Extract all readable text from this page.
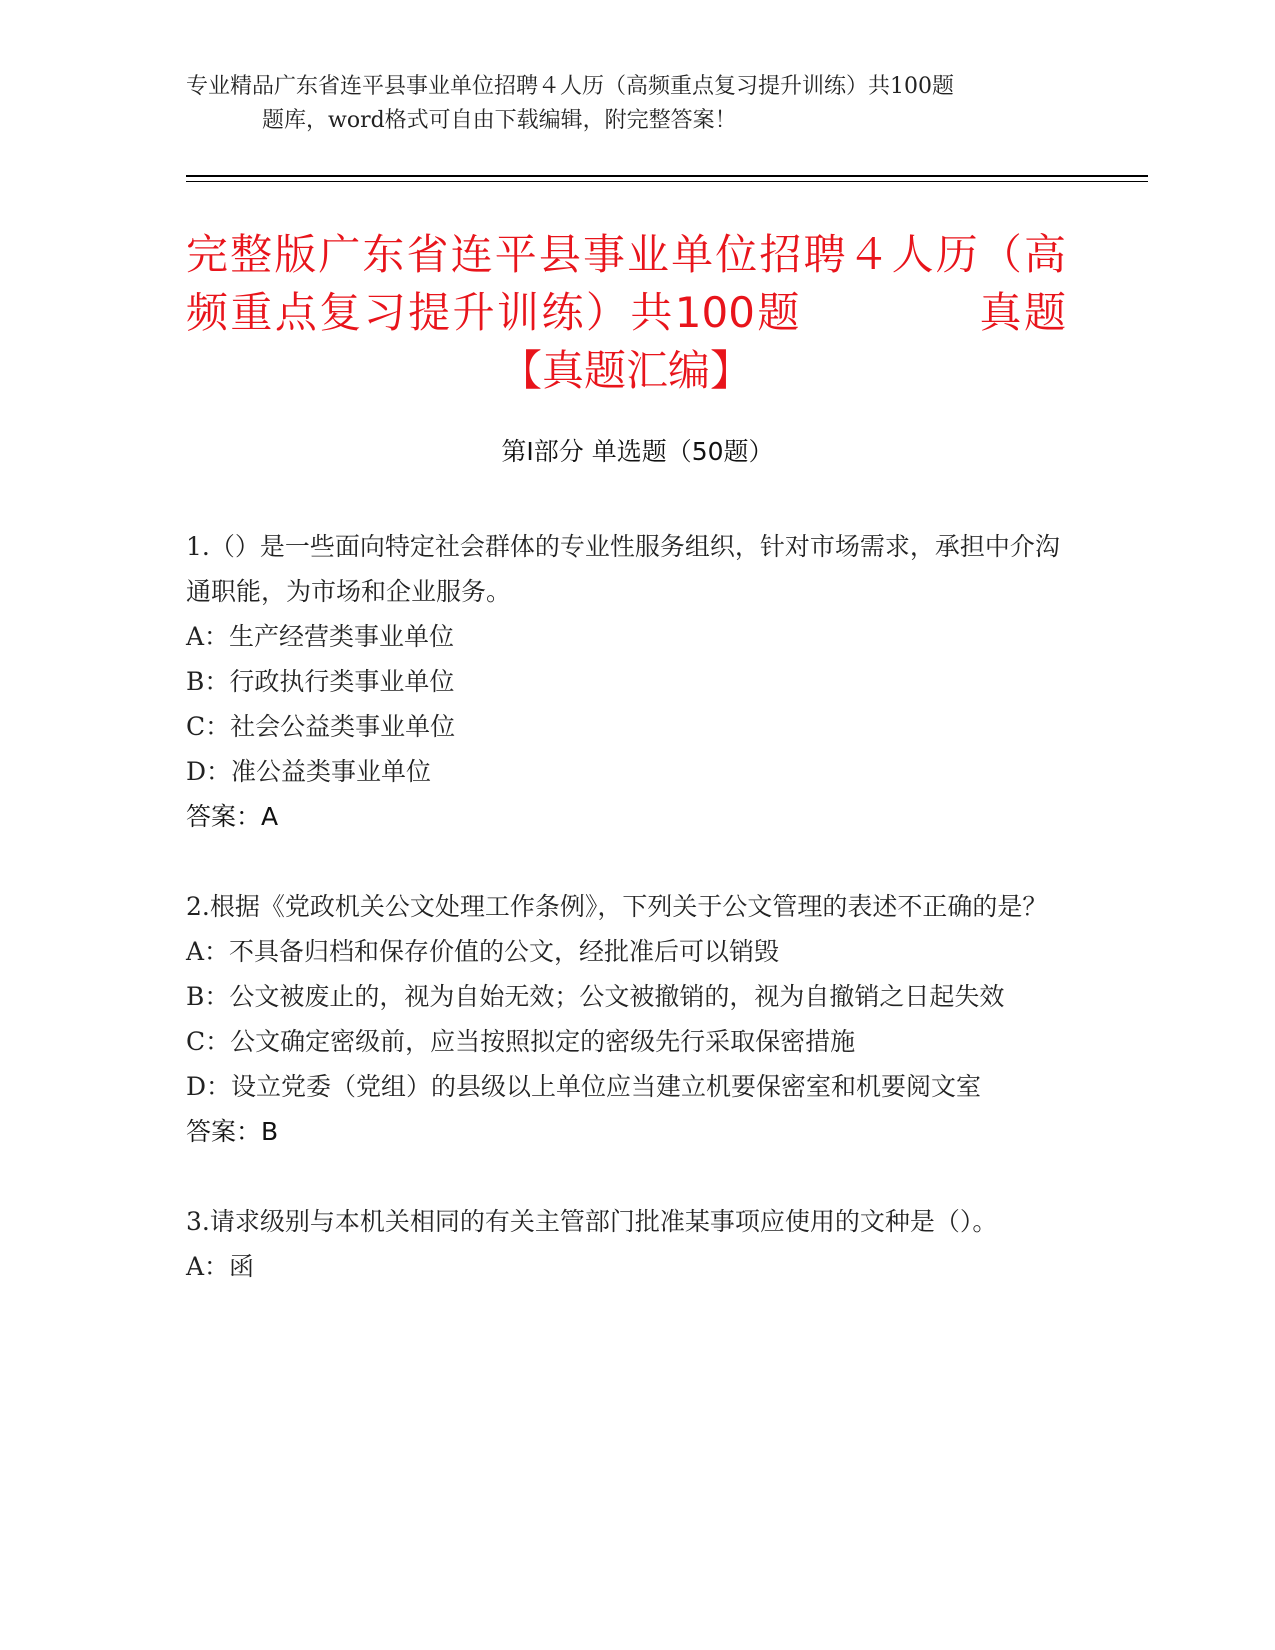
专业精品广东省连平县事业单位招聘４人历（高频重点复习提升训练）共100题
题库，word格式可自由下载编辑，附完整答案！
完整版广东省连平县事业单位招聘４人历（高频重点复习提升训练）共100题　　　　真题【真题汇编】
第Ⅰ部分 单选题（50题）

1.（）是一些面向特定社会群体的专业性服务组织，针对市场需求，承担中介沟通职能，为市场和企业服务。

A：生产经营类事业单位

B：行政执行类事业单位

C：社会公益类事业单位

D：准公益类事业单位

答案：A

2.根据《党政机关公文处理工作条例》，下列关于公文管理的表述不正确的是？

A：不具备归档和保存价值的公文，经批准后可以销毁

B：公文被废止的，视为自始无效；公文被撤销的，视为自撤销之日起失效

C：公文确定密级前，应当按照拟定的密级先行采取保密措施

D：设立党委（党组）的县级以上单位应当建立机要保密室和机要阅文室

答案：B

3.请求级别与本机关相同的有关主管部门批准某事项应使用的文种是（）。

A：函
